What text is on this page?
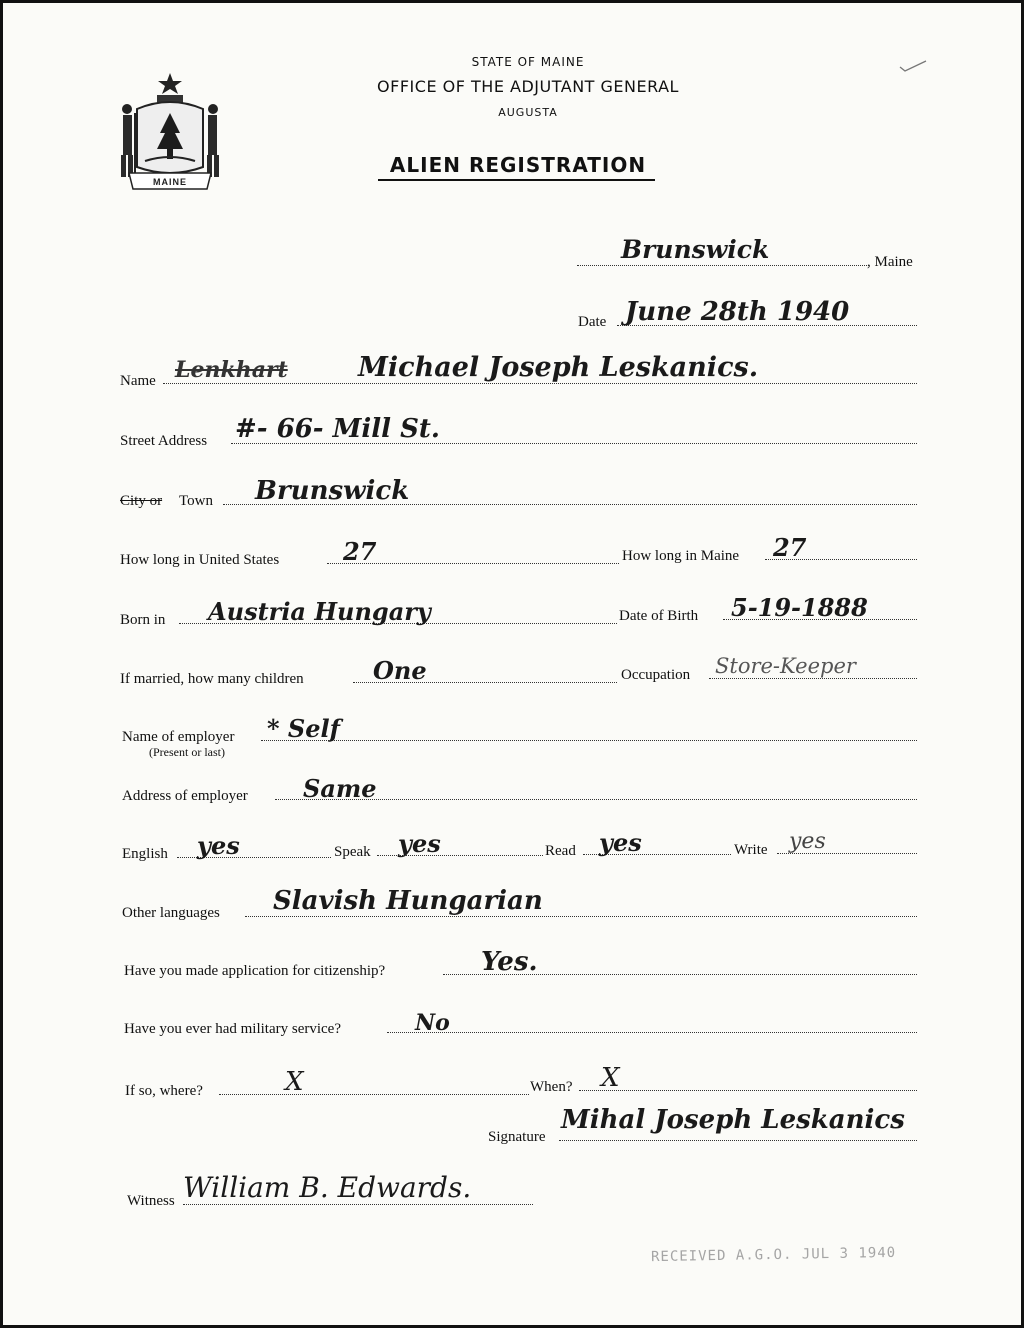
MAINE
STATE OF MAINE
OFFICE OF THE ADJUTANT GENERAL
AUGUSTA
ALIEN REGISTRATION
Brunswick	, Maine
Date June 28th 1940
Name Lenkhart	Michael Joseph Leskanics.
Street Address #- 66- Mill St.
City or Town Brunswick
How long in United States	27	How long in Maine 27
Born in Austria Hungary	Date of Birth 5-19-1888
If married, how many children	One	Occupation Store-Keeper
Name of employer
(Present or last)
* Self
Address of employer Same
English yes	Speak yes	Read yes	Write yes
Other languages Slavish Hungarian
Have you made application for citizenship?	Yes.
Have you ever had military service?	No
If so, where?	X	When? X
Signature
Mihal Joseph Leskanics
Witness William B. Edwards.
RECEIVED A.G.O. JUL 3 1940
